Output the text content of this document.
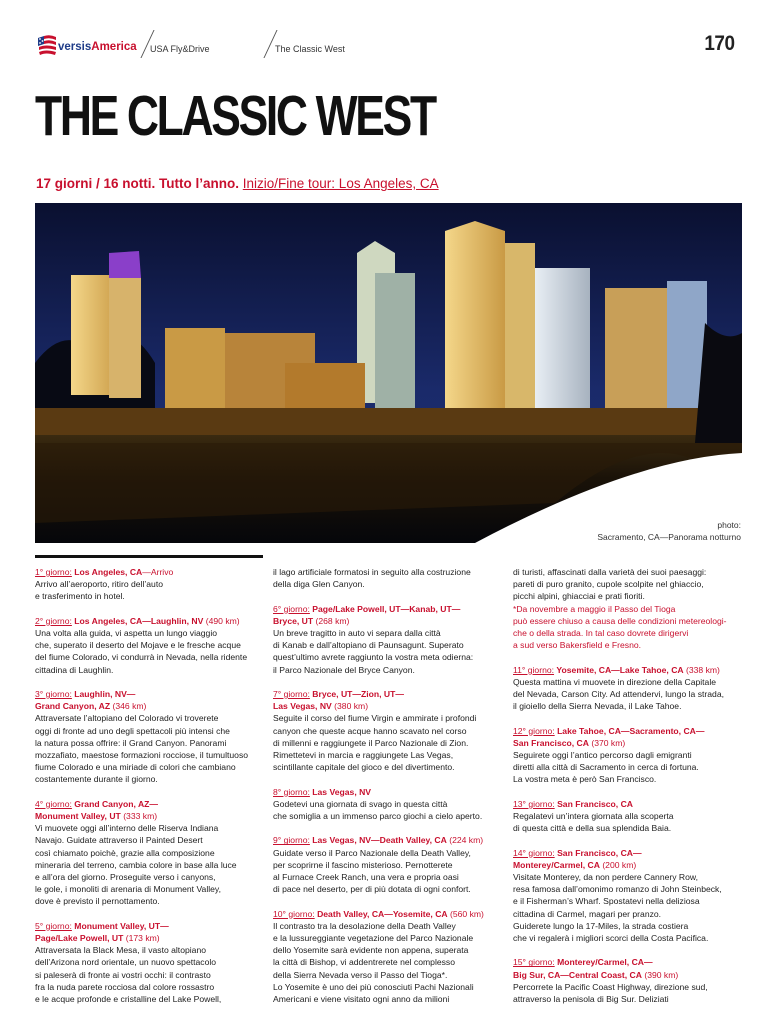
versisAmerica USA Fly&Drive	The Classic West	170
THE CLASSIC WEST
17 giorni / 16 notti. Tutto l’anno. Inizio/Fine tour: Los Angeles, CA
photo:
Sacramento, CA—Panorama notturno
1° giorno: Los Angeles, CA—Arrivo
Arrivo all’aeroporto, ritiro dell’auto
e trasferimento in hotel.
2° giorno: Los Angeles, CA—Laughlin, NV (490 km)
Una volta alla guida, vi aspetta un lungo viaggio
che, superato il deserto del Mojave e le fresche acque
del fiume Colorado, vi condurrà in Nevada, nella ridente
cittadina di Laughlin.
3° giorno: Laughlin, NV—
Grand Canyon, AZ (346 km)
Attraversate l’altopiano del Colorado vi troverete
oggi di fronte ad uno degli spettacoli più intensi che
la natura possa offrire: il Grand Canyon. Panorami
mozzafiato, maestose formazioni rocciose, il tumultuoso
fiume Colorado e una miriade di colori che cambiano
costantemente durante il giorno.
4° giorno: Grand Canyon, AZ—
Monument Valley, UT (333 km)
Vi muovete oggi all’interno delle Riserva Indiana
Navajo. Guidate attraverso il Painted Desert
così chiamato poichè, grazie alla composizione
mineraria del terreno, cambia colore in base alla luce
e all’ora del giorno. Proseguite verso i canyons,
le gole, i monoliti di arenaria di Monument Valley,
dove è previsto il pernottamento.
5° giorno: Monument Valley, UT—
Page/Lake Powell, UT (173 km)
Attraversata la Black Mesa, il vasto altopiano
dell’Arizona nord orientale, un nuovo spettacolo
si paleserà di fronte ai vostri occhi: il contrasto
fra la nuda parete rocciosa dal colore rossastro
e le acque profonde e cristalline del Lake Powell,
il lago artificiale formatosi in seguito alla costruzione
della diga Glen Canyon.
6° giorno: Page/Lake Powell, UT—Kanab, UT—
Bryce, UT (268 km)
Un breve tragitto in auto vi separa dalla città
di Kanab e dall’altopiano di Paunsagunt. Superato
quest’ultimo avrete raggiunto la vostra meta odierna:
il Parco Nazionale del Bryce Canyon.
7° giorno: Bryce, UT—Zion, UT—
Las Vegas, NV (380 km)
Seguite il corso del fiume Virgin e ammirate i profondi
canyon che queste acque hanno scavato nel corso
di millenni e raggiungete il Parco Nazionale di Zion.
Rimettetevi in marcia e raggiungete Las Vegas,
scintillante capitale del gioco e del divertimento.
8° giorno: Las Vegas, NV
Godetevi una giornata di svago in questa città
che somiglia a un immenso parco giochi a cielo aperto.
9° giorno: Las Vegas, NV—Death Valley, CA (224 km)
Guidate verso il Parco Nazionale della Death Valley,
per scoprirne il fascino misterioso. Pernotterete
al Furnace Creek Ranch, una vera e propria oasi
di pace nel deserto, per di più dotata di ogni confort.
10° giorno: Death Valley, CA—Yosemite, CA (560 km)
Il contrasto tra la desolazione della Death Valley
e la lussureggiante vegetazione del Parco Nazionale
dello Yosemite sarà evidente non appena, superata
la città di Bishop, vi addentrerete nel complesso
della Sierra Nevada verso il Passo del Tioga*.
Lo Yosemite è uno dei più conosciuti Pachi Nazionali
Americani e viene visitato ogni anno da milioni
di turisti, affascinati dalla varietà dei suoi paesaggi:
pareti di puro granito, cupole scolpite nel ghiaccio,
picchi alpini, ghiacciai e prati fioriti.
*Da novembre a maggio il Passo del Tioga
può essere chiuso a causa delle condizioni metereologi-
che o della strada. In tal caso dovrete dirigervi
a sud verso Bakersfield e Fresno.
11° giorno: Yosemite, CA—Lake Tahoe, CA (338 km)
Questa mattina vi muovete in direzione della Capitale
del Nevada, Carson City. Ad attendervi, lungo la strada,
il gioiello della Sierra Nevada, il Lake Tahoe.
12° giorno: Lake Tahoe, CA—Sacramento, CA—
San Francisco, CA (370 km)
Seguirete oggi l’antico percorso dagli emigranti
diretti alla città di Sacramento in cerca di fortuna.
La vostra meta è però San Francisco.
13° giorno: San Francisco, CA
Regalatevi un’intera giornata alla scoperta
di questa città e della sua splendida Baia.
14° giorno: San Francisco, CA—
Monterey/Carmel, CA (200 km)
Visitate Monterey, da non perdere Cannery Row,
resa famosa dall’omonimo romanzo di John Steinbeck,
e il Fisherman’s Wharf. Spostatevi nella deliziosa
cittadina di Carmel, magari per pranzo.
Guiderete lungo la 17-Miles, la strada costiera
che vi regalerà i migliori scorci della Costa Pacifica.
15° giorno: Monterey/Carmel, CA—
Big Sur, CA—Central Coast, CA (390 km)
Percorrete la Pacific Coast Highway, direzione sud,
attraverso la penisola di Big Sur. Deliziati
